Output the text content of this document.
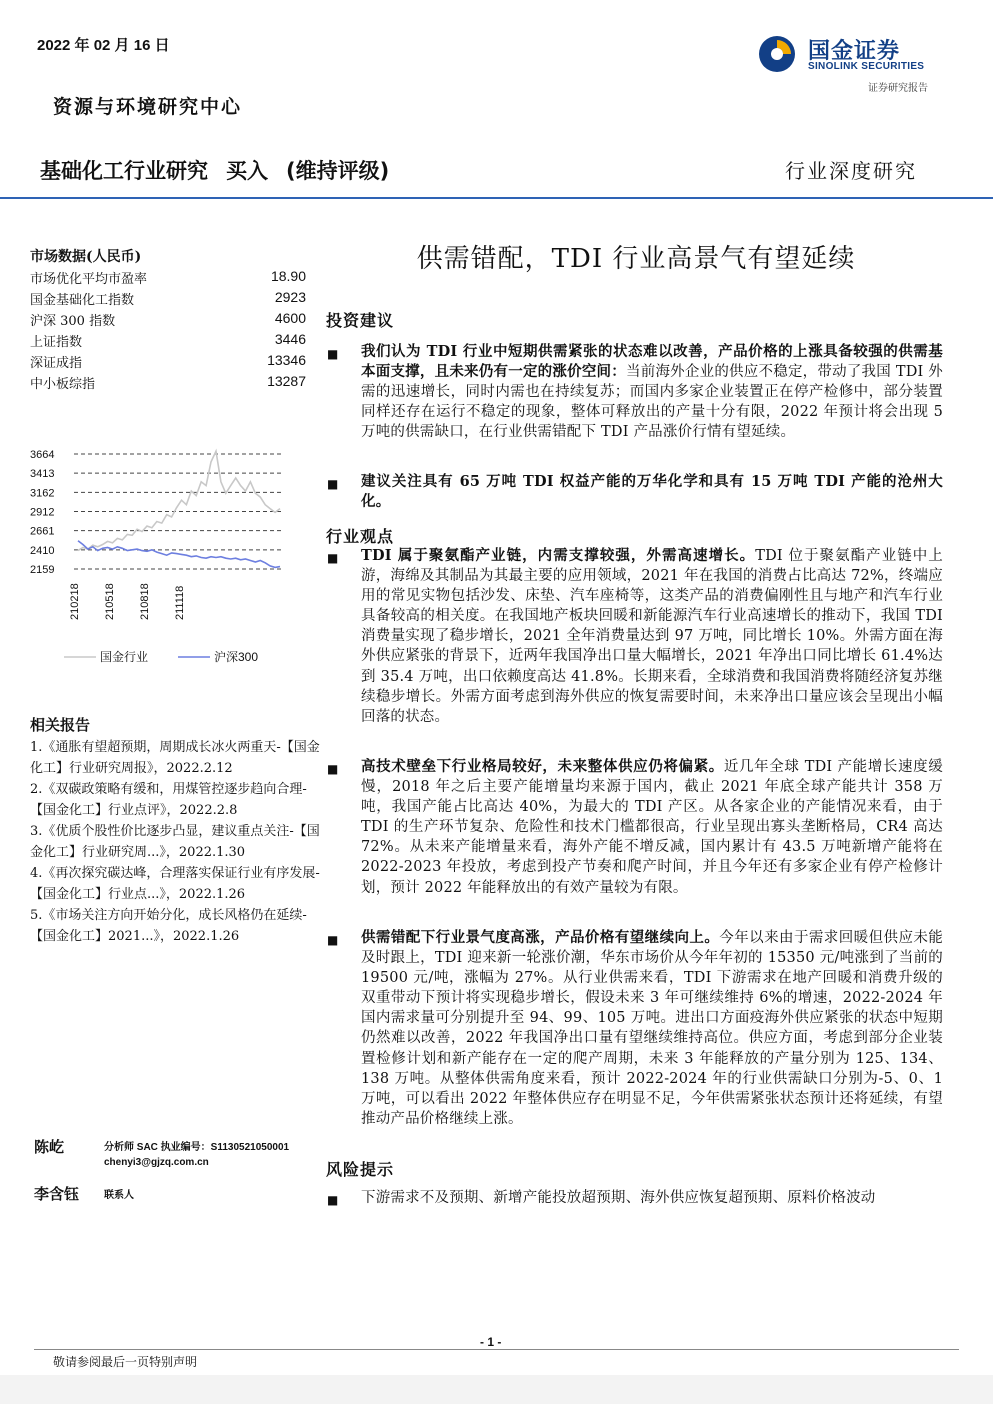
2022 年 02 月 16 日	国金证券
SINOLINK SECURITIES
证券研究报告
资源与环境研究中心
基础化工行业研究 买入 (维持评级)	行业深度研究
市场数据(人民币)
市场优化平均市盈率	18.90
国金基础化工指数	2923
沪深 300 指数	4600
上证指数	3446
深证成指	13346
中小板综指	13287
3664
3413
3162
2912
2661
2410
2159
210218 210518 210818 211118
国金行业	沪深300
相关报告
1.《通胀有望超预期，周期成长冰火两重天-【国金化工】行业研究周报》，2022.2.12
2.《双碳政策略有缓和，用煤管控逐步趋向合理-【国金化工】行业点评》，2022.2.8
3.《优质个股性价比逐步凸显，建议重点关注-【国金化工】行业研究周...》，2022.1.30
4.《再次探究碳达峰，合理落实保证行业有序发展-【国金化工】行业点...》，2022.1.26
5.《市场关注方向开始分化，成长风格仍在延续-【国金化工】2021...》，2022.1.26
陈屹	分析师 SAC 执业编号：S1130521050001
chenyi3@gjzq.com.cn
李含钰 联系人
供需错配，TDI 行业高景气有望延续
投资建议
■ 我们认为 TDI 行业中短期供需紧张的状态难以改善，产品价格的上涨具备较强的供需基本面支撑，且未来仍有一定的涨价空间：当前海外企业的供应不稳定，带动了我国 TDI 外需的迅速增长，同时内需也在持续复苏；而国内多家企业装置正在停产检修中，部分装置同样还存在运行不稳定的现象，整体可释放出的产量十分有限，2022 年预计将会出现 5 万吨的供需缺口，在行业供需错配下 TDI 产品涨价行情有望延续。
■ 建议关注具有 65 万吨 TDI 权益产能的万华化学和具有 15 万吨 TDI 产能的沧州大化。
行业观点
■ TDI 属于聚氨酯产业链，内需支撑较强，外需高速增长。TDI 位于聚氨酯产业链中上游，海绵及其制品为其最主要的应用领域，2021 年在我国的消费占比高达 72%，终端应用的常见实物包括沙发、床垫、汽车座椅等，这类产品的消费偏刚性且与地产和汽车行业具备较高的相关度。在我国地产板块回暖和新能源汽车行业高速增长的推动下，我国 TDI 消费量实现了稳步增长，2021 全年消费量达到 97 万吨，同比增长 10%。外需方面在海外供应紧张的背景下，近两年我国净出口量大幅增长，2021 年净出口同比增长 61.4%达到 35.4 万吨，出口依赖度高达 41.8%。长期来看，全球消费和我国消费将随经济复苏继续稳步增长。外需方面考虑到海外供应的恢复需要时间，未来净出口量应该会呈现出小幅回落的状态。
■ 高技术壁垒下行业格局较好，未来整体供应仍将偏紧。近几年全球 TDI 产能增长速度缓慢，2018 年之后主要产能增量均来源于国内，截止 2021 年底全球产能共计 358 万吨，我国产能占比高达 40%，为最大的 TDI 产区。从各家企业的产能情况来看，由于 TDI 的生产环节复杂、危险性和技术门槛都很高，行业呈现出寡头垄断格局，CR4 高达 72%。从未来产能增量来看，海外产能不增反减，国内累计有 43.5 万吨新增产能将在 2022-2023 年投放，考虑到投产节奏和爬产时间，并且今年还有多家企业有停产检修计划，预计 2022 年能释放出的有效产量较为有限。
■ 供需错配下行业景气度高涨，产品价格有望继续向上。今年以来由于需求回暖但供应未能及时跟上，TDI 迎来新一轮涨价潮，华东市场价从今年年初的 15350 元/吨涨到了当前的 19500 元/吨，涨幅为 27%。从行业供需来看，TDI 下游需求在地产回暖和消费升级的双重带动下预计将实现稳步增长，假设未来 3 年可继续维持 6%的增速，2022-2024 年国内需求量可分别提升至 94、99、105 万吨。进出口方面疫海外供应紧张的状态中短期仍然难以改善，2022 年我国净出口量有望继续维持高位。供应方面，考虑到部分企业装置检修计划和新产能存在一定的爬产周期，未来 3 年能释放的产量分别为 125、134、138 万吨。从整体供需角度来看，预计 2022-2024 年的行业供需缺口分别为-5、0、1 万吨，可以看出 2022 年整体供应存在明显不足，今年供需紧张状态预计还将延续，有望推动产品价格继续上涨。
风险提示
■ 下游需求不及预期、新增产能投放超预期、海外供应恢复超预期、原料价格波动
- 1 -
敬请参阅最后一页特别声明
